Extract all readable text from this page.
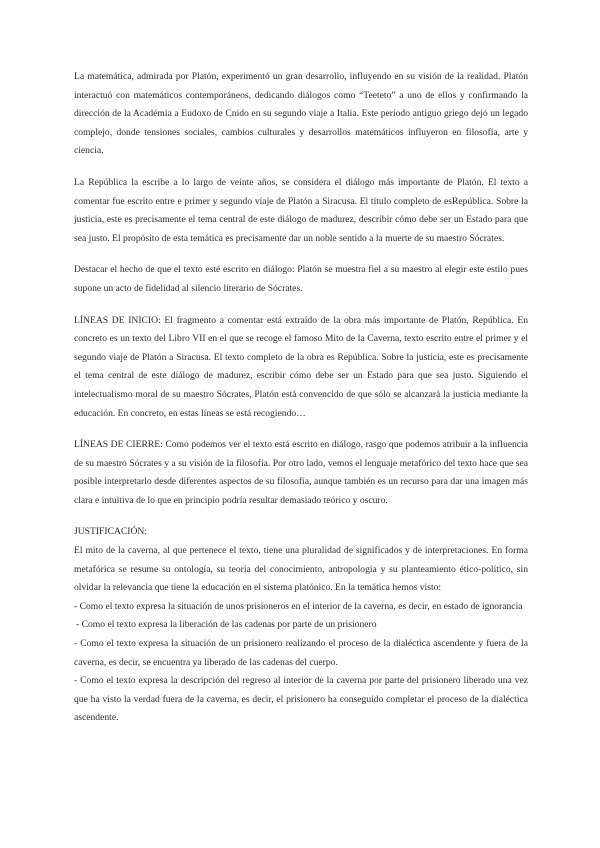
La matemática, admirada por Platón, experimentó un gran desarrollo, influyendo en su visión de la realidad. Platón interactuó con matemáticos contemporáneos, dedicando diálogos como “Teeteto” a uno de ellos y confirmando la dirección de la Académia a Eudoxo de Cnido en su segundo viaje a Italia. Este período antiguo griego dejó un legado complejo, donde tensiones sociales, cambios culturales y desarrollos matemáticos influyeron en filosofía, arte y ciencia.

La República la escribe a lo largo de veinte años, se considera el diálogo más importante de Platón. El texto a comentar fue escrito entre e primer y segundo viaje de Platón a Siracusa. El título completo de esRepública. Sobre la justicia, este es precisamente el tema central de este diálogo de madurez, describir cómo debe ser un Estado para que sea justo. El propósito de esta temática es precisamente dar un noble sentido a la muerte de su maestro Sócrates.

Destacar el hecho de que el texto esté escrito en diálogo: Platón se muestra fiel a su maestro al elegir este estilo pues supone un acto de fidelidad al silencio literario de Sócrates.

LÍNEAS DE INICIO: El fragmento a comentar está extraído de la obra más importante de Platón, República. En concreto es un texto del Libro VII en el que se recoge el famoso Mito de la Caverna, texto escrito entre el primer y el segundo viaje de Platón a Siracusa. El texto completo de la obra es República. Sobre la justicia, este es precisamente el tema central de este diálogo de madurez, escribir cómo debe ser un Estado para que sea justo. Siguiendo el intelectualismo moral de su maestro Sócrates, Platón está convencido de que sólo se alcanzará la justicia mediante la educación. En concreto, en estas líneas se está recogiendo…

LÍNEAS DE CIERRE: Como podemos ver el texto está escrito en diálogo, rasgo que podemos atribuir a la influencia de su maestro Sócrates y a su visión de la filosofía. Por otro lado, vemos el lenguaje metafórico del texto hace que sea posible interpretarlo desde diferentes aspectos de su filosofía, aunque también es un recurso para dar una imagen más clara e intuitiva de lo que en principio podría resultar demasiado teórico y oscuro.

JUSTIFICACIÓN:
El mito de la caverna, al que pertenece el texto, tiene una pluralidad de significados y de interpretaciones. En forma metafórica se resume su ontología, su teoría del conocimiento, antropología y su planteamiento ético-político, sin olvidar la relevancia que tiene la educación en el sistema platónico. En la temática hemos visto:
- Como el texto expresa la situación de unos prisioneros en el interior de la caverna, es decir, en estado de ignorancia
- Como el texto expresa la liberación de las cadenas por parte de un prisionero
- Como el texto expresa la situación de un prisionero realizando el proceso de la dialéctica ascendente y fuera de la caverna, es decir, se encuentra ya liberado de las cadenas del cuerpo.
- Como el texto expresa la descripción del regreso al interior de la caverna por parte del prisionero liberado una vez que ha visto la verdad fuera de la caverna, es decir, el prisionero ha conseguido completar el proceso de la dialéctica ascendente.
